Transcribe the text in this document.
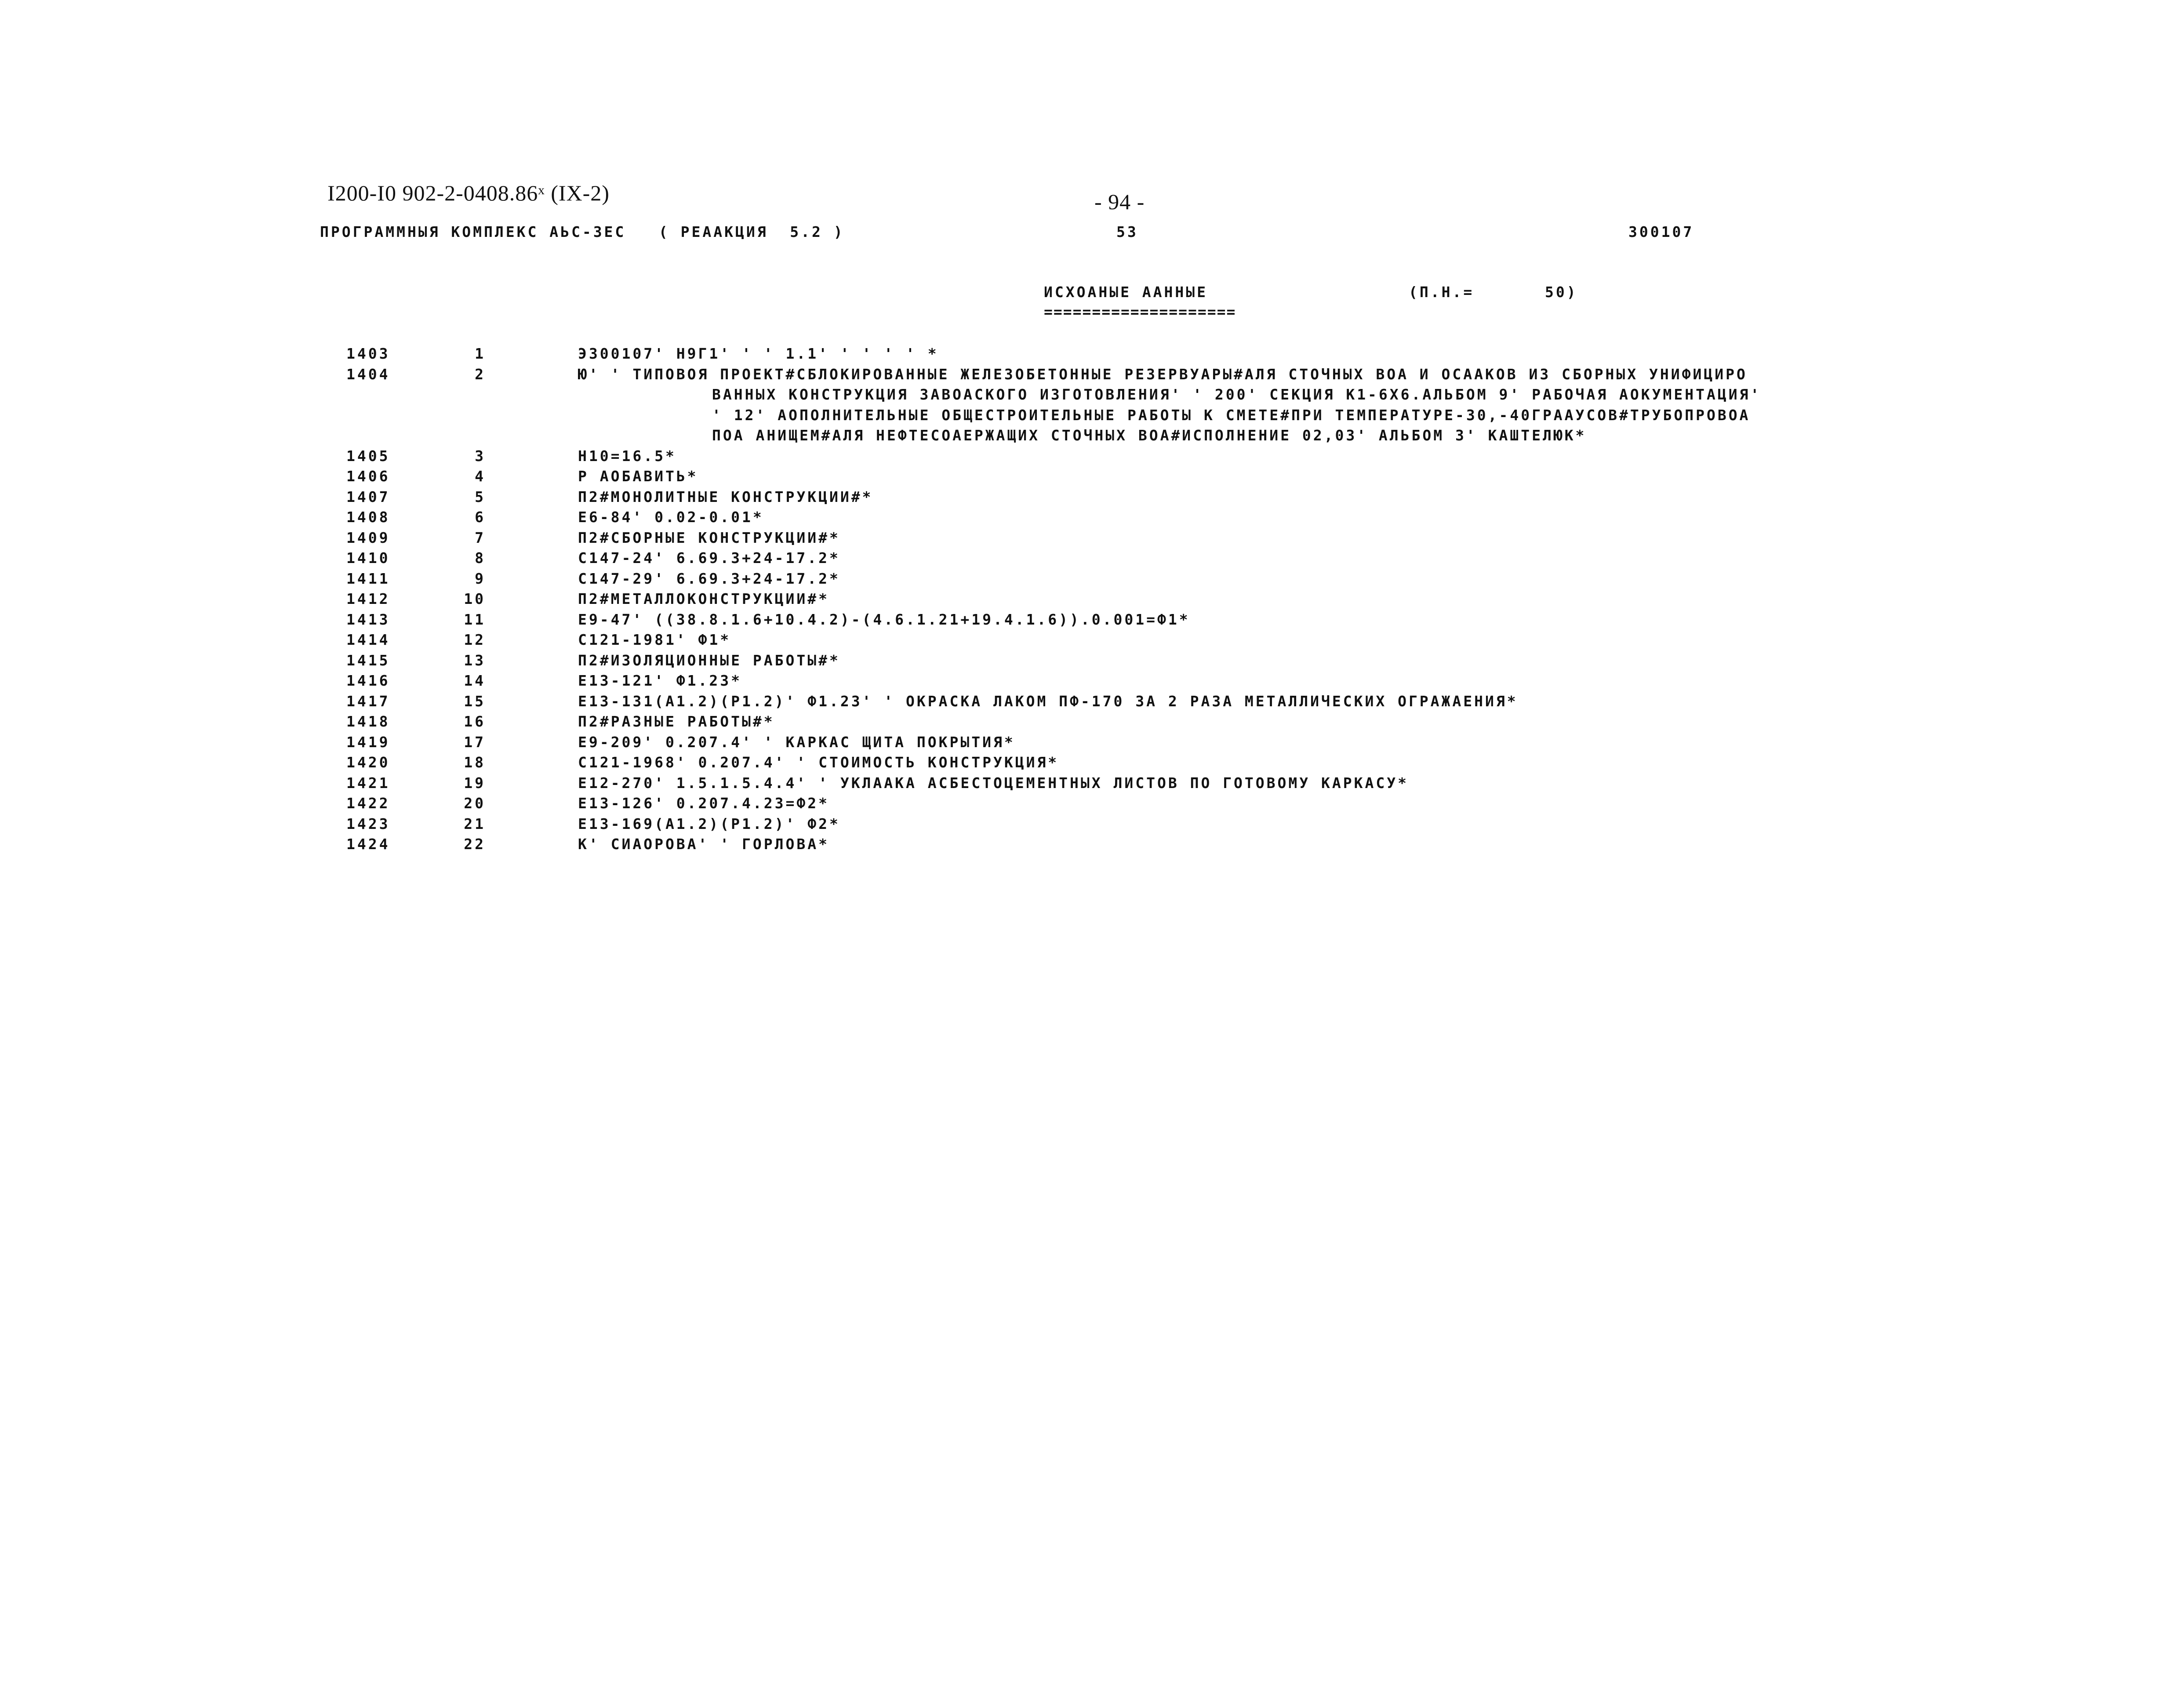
I200-I0 902-2-0408.86ˣ (IX-2)	- 94 -
ПРОГРАММНЫЯ КОМПЛЕКС АЬС-ЗЕС   ( РЕААКЦИЯ  5.2 )	53	300107
ИСХОАНЫЕ ААННЫЕ
====================
(П.Н.=	50)
1403	1	Э300107' Н9Г1' ' ' 1.1' ' ' ' ' *
1404	2	Ю' ' ТИПОВОЯ ПРОЕКТ#СБЛОКИРОВАННЫЕ ЖЕЛЕЗОБЕТОННЫЕ РЕЗЕРВУАРЫ#АЛЯ СТОЧНЫХ ВОА И ОСААКОВ ИЗ СБОРНЫХ УНИФИЦИРО
ВАННЫХ КОНСТРУКЦИЯ ЗАВОАСКОГО ИЗГОТОВЛЕНИЯ' ' 200' СЕКЦИЯ К1-6Х6.АЛЬБОМ 9' РАБОЧАЯ АОКУМЕНТАЦИЯ'
' 12' АОПОЛНИТЕЛЬНЫЕ ОБЩЕСТРОИТЕЛЬНЫЕ РАБОТЫ К СМЕТЕ#ПРИ ТЕМПЕРАТУРЕ-30,-40ГРААУСОВ#ТРУБОПРОВОА
ПОА АНИЩЕМ#АЛЯ НЕФТЕСОАЕРЖАЩИХ СТОЧНЫХ ВОА#ИСПОЛНЕНИЕ 02,03' АЛЬБОМ 3' КАШТЕЛЮК*
1405	3	Н10=16.5*
1406	4	Р АОБАВИТЬ*
1407	5	П2#МОНОЛИТНЫЕ КОНСТРУКЦИИ#*
1408	6	Е6-84' 0.02-0.01*
1409	7	П2#СБОРНЫЕ КОНСТРУКЦИИ#*
1410	8	С147-24' 6.69.3+24-17.2*
1411	9	С147-29' 6.69.3+24-17.2*
1412	10	П2#МЕТАЛЛОКОНСТРУКЦИИ#*
1413	11	Е9-47' ((38.8.1.6+10.4.2)-(4.6.1.21+19.4.1.6)).0.001=Ф1*
1414	12	С121-1981' Ф1*
1415	13	П2#ИЗОЛЯЦИОННЫЕ РАБОТЫ#*
1416	14	Е13-121' Ф1.23*
1417	15	Е13-131(А1.2)(Р1.2)' Ф1.23' ' ОКРАСКА ЛАКОМ ПФ-170 ЗА 2 РАЗА МЕТАЛЛИЧЕСКИХ ОГРАЖАЕНИЯ*
1418	16	П2#РАЗНЫЕ РАБОТЫ#*
1419	17	Е9-209' 0.207.4' ' КАРКАС ЩИТА ПОКРЫТИЯ*
1420	18	С121-1968' 0.207.4' ' СТОИМОСТЬ КОНСТРУКЦИЯ*
1421	19	Е12-270' 1.5.1.5.4.4' ' УКЛААКА АСБЕСТОЦЕМЕНТНЫХ ЛИСТОВ ПО ГОТОВОМУ КАРКАСУ*
1422	20	Е13-126' 0.207.4.23=Ф2*
1423	21	Е13-169(А1.2)(Р1.2)' Ф2*
1424	22	К' СИАОРОВА' ' ГОРЛОВА*
